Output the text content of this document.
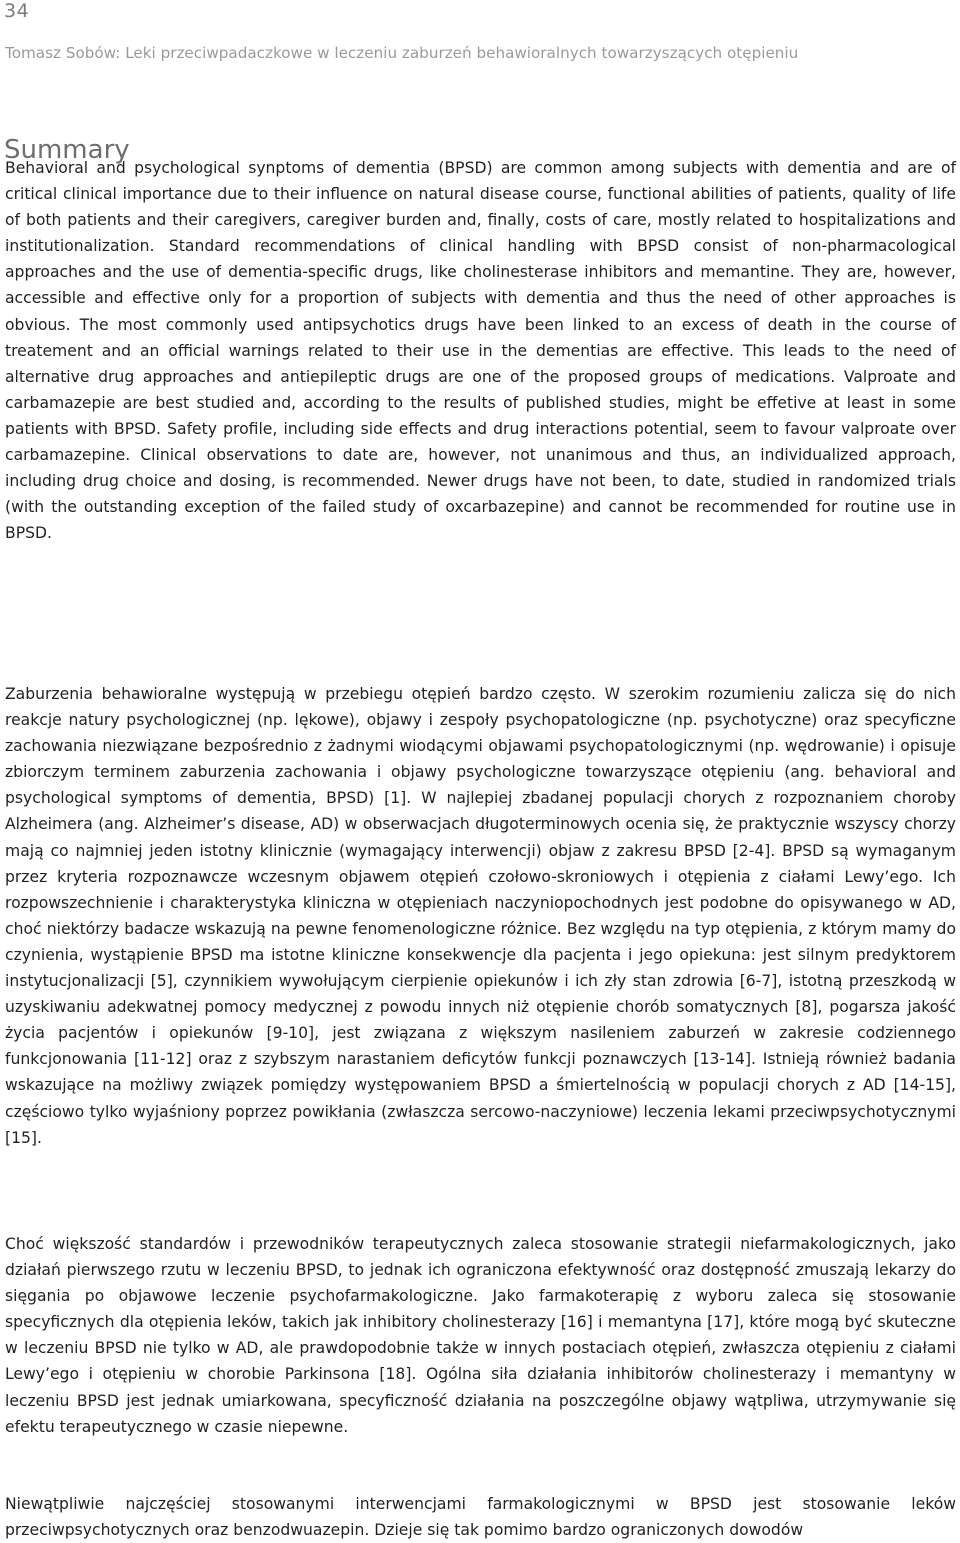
34
Tomasz Sobów: Leki przeciwpadaczkowe w leczeniu zaburzeń behawioralnych towarzyszących otępieniu
Summary

Behavioral and psychological synptoms of dementia (BPSD) are common among subjects with dementia and are of critical clinical importance due to their influence on natural disease course, functional abilities of patients, quality of life of both patients and their caregivers, caregiver burden and, finally, costs of care, mostly related to hospitalizations and institutionalization. Standard recommendations of clinical handling with BPSD consist of non-pharmacological approaches and the use of dementia-specific drugs, like cholinesterase inhibitors and memantine. They are, however, accessible and effective only for a proportion of subjects with dementia and thus the need of other approaches is obvious. The most commonly used antipsychotics drugs have been linked to an excess of death in the course of treatement and an official warnings related to their use in the dementias are effective. This leads to the need of alternative drug approaches and antiepileptic drugs are one of the proposed groups of medications. Valproate and carbamazepie are best studied and, according to the results of published studies, might be effetive at least in some patients with BPSD. Safety profile, including side effects and drug interactions potential, seem to favour valproate over carbamazepine. Clinical observations to date are, however, not unanimous and thus, an individualized approach, including drug choice and dosing, is recommended. Newer drugs have not been, to date, studied in randomized trials (with the outstanding exception of the failed study of oxcarbazepine) and cannot be recommended for routine use in BPSD.

Zaburzenia behawioralne występują w przebiegu otępień bardzo często. W szerokim rozumieniu zalicza się do nich reakcje natury psychologicznej (np. lękowe), objawy i zespoły psychopatologiczne (np. psychotyczne) oraz specyficzne zachowania niezwiązane bezpośrednio z żadnymi wiodącymi objawami psychopatologicznymi (np. wędrowanie) i opisuje zbiorczym terminem zaburzenia zachowania i objawy psychologiczne towarzyszące otępieniu (ang. behavioral and psychological symptoms of dementia, BPSD) [1]. W najlepiej zbadanej populacji chorych z rozpoznaniem choroby Alzheimera (ang. Alzheimer’s disease, AD) w obserwacjach długoterminowych ocenia się, że praktycznie wszyscy chorzy mają co najmniej jeden istotny klinicznie (wymagający interwencji) objaw z zakresu BPSD [2-4]. BPSD są wymaganym przez kryteria rozpoznawcze wczesnym objawem otępień czołowo-skroniowych i otępienia z ciałami Lewy’ego. Ich rozpowszechnienie i charakterystyka kliniczna w otępieniach naczyniopochodnych jest podobne do opisywanego w AD, choć niektórzy badacze wskazują na pewne fenomenologiczne różnice. Bez względu na typ otępienia, z którym mamy do czynienia, wystąpienie BPSD ma istotne kliniczne konsekwencje dla pacjenta i jego opiekuna: jest silnym predyktorem instytucjonalizacji [5], czynnikiem wywołującym cierpienie opiekunów i ich zły stan zdrowia [6-7], istotną przeszkodą w uzyskiwaniu adekwatnej pomocy medycznej z powodu innych niż otępienie chorób somatycznych [8], pogarsza jakość życia pacjentów i opiekunów [9-10], jest związana z większym nasileniem zaburzeń w zakresie codziennego funkcjonowania [11-12] oraz z szybszym narastaniem deficytów funkcji poznawczych [13-14]. Istnieją również badania wskazujące na możliwy związek pomiędzy występowaniem BPSD a śmiertelnością w populacji chorych z AD [14-15], częściowo tylko wyjaśniony poprzez powikłania (zwłaszcza sercowo-naczyniowe) leczenia lekami przeciwpsychotycznymi [15].

Choć większość standardów i przewodników terapeutycznych zaleca stosowanie strategii niefarmakologicznych, jako działań pierwszego rzutu w leczeniu BPSD, to jednak ich ograniczona efektywność oraz dostępność zmuszają lekarzy do sięgania po objawowe leczenie psychofarmakologiczne. Jako farmakoterapię z wyboru zaleca się stosowanie specyficznych dla otępienia leków, takich jak inhibitory cholinesterazy [16] i memantyna [17], które mogą być skuteczne w leczeniu BPSD nie tylko w AD, ale prawdopodobnie także w innych postaciach otępień, zwłaszcza otępieniu z ciałami Lewy’ego i otępieniu w chorobie Parkinsona [18]. Ogólna siła działania inhibitorów cholinesterazy i memantyny w leczeniu BPSD jest jednak umiarkowana, specyficzność działania na poszczególne objawy wątpliwa, utrzymywanie się efektu terapeutycznego w czasie niepewne.

Niewątpliwie najczęściej stosowanymi interwencjami farmakologicznymi w BPSD jest stosowanie leków przeciwpsychotycznych oraz benzodwuazepin. Dzieje się tak pomimo bardzo ograniczonych dowodów
